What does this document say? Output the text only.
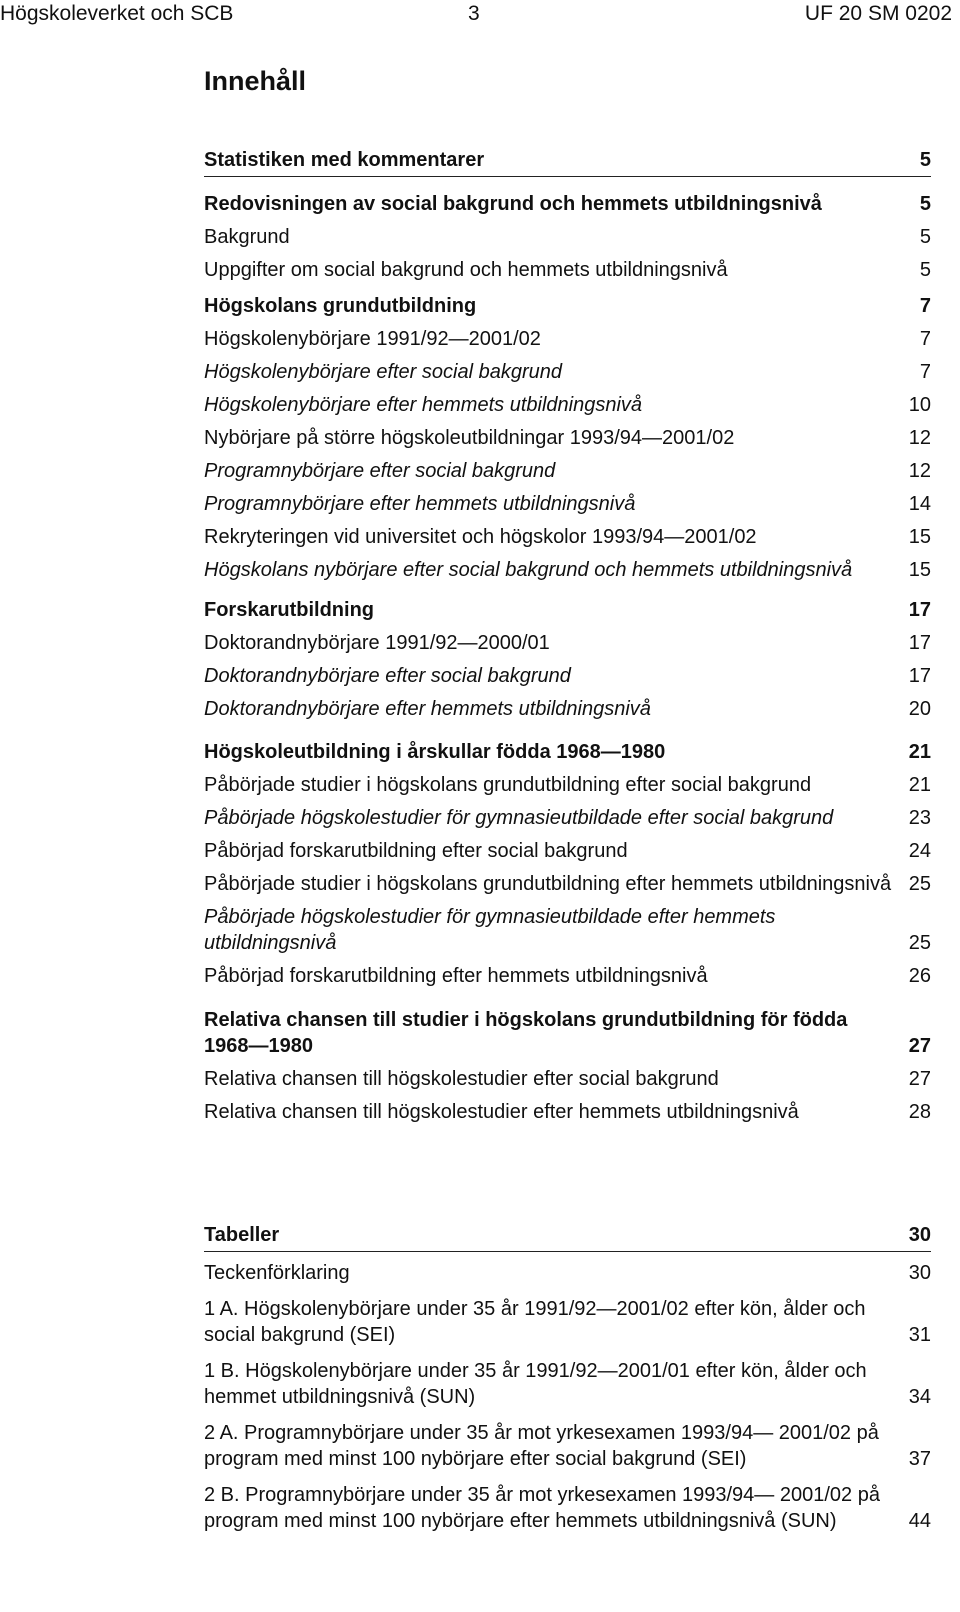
Högskoleverket och SCB	3	UF 20 SM 0202
Innehåll
Statistiken med kommentarer	5
Redovisningen av social bakgrund och hemmets utbildningsnivå	5
Bakgrund	5
Uppgifter om social bakgrund och hemmets utbildningsnivå	5
Högskolans grundutbildning	7
Högskolenybörjare 1991/92—2001/02	7
Högskolenybörjare efter social bakgrund	7
Högskolenybörjare efter hemmets utbildningsnivå	10
Nybörjare på större högskoleutbildningar 1993/94—2001/02	12
Programnybörjare efter social bakgrund	12
Programnybörjare efter hemmets utbildningsnivå	14
Rekryteringen vid universitet och högskolor 1993/94—2001/02	15
Högskolans nybörjare efter social bakgrund och hemmets utbildningsnivå	15
Forskarutbildning	17
Doktorandnybörjare 1991/92—2000/01	17
Doktorandnybörjare efter social bakgrund	17
Doktorandnybörjare efter hemmets utbildningsnivå	20
Högskoleutbildning i årskullar födda 1968—1980	21
Påbörjade studier i högskolans grundutbildning efter social bakgrund	21
Påbörjade högskolestudier för gymnasieutbildade efter social bakgrund	23
Påbörjad forskarutbildning efter social bakgrund	24
Påbörjade studier i högskolans grundutbildning efter hemmets utbildningsnivå 25
Påbörjade högskolestudier för gymnasieutbildade efter hemmets utbildningsnivå	25
Påbörjad forskarutbildning efter hemmets utbildningsnivå	26
Relativa chansen till studier i högskolans grundutbildning för födda 1968—1980	27
Relativa chansen till högskolestudier efter social bakgrund	27
Relativa chansen till högskolestudier efter hemmets utbildningsnivå	28
Tabeller	30
Teckenförklaring	30
1 A. Högskolenybörjare under 35 år 1991/92—2001/02 efter kön, ålder och social bakgrund (SEI)	31
1 B. Högskolenybörjare under 35 år 1991/92—2001/01 efter kön, ålder och hemmet utbildningsnivå (SUN)	34
2 A. Programnybörjare under 35 år mot yrkesexamen 1993/94— 2001/02 på program med minst 100 nybörjare efter social bakgrund (SEI)	37
2 B. Programnybörjare under 35 år mot yrkesexamen 1993/94— 2001/02 på program med minst 100 nybörjare efter hemmets utbildningsnivå (SUN)	44
